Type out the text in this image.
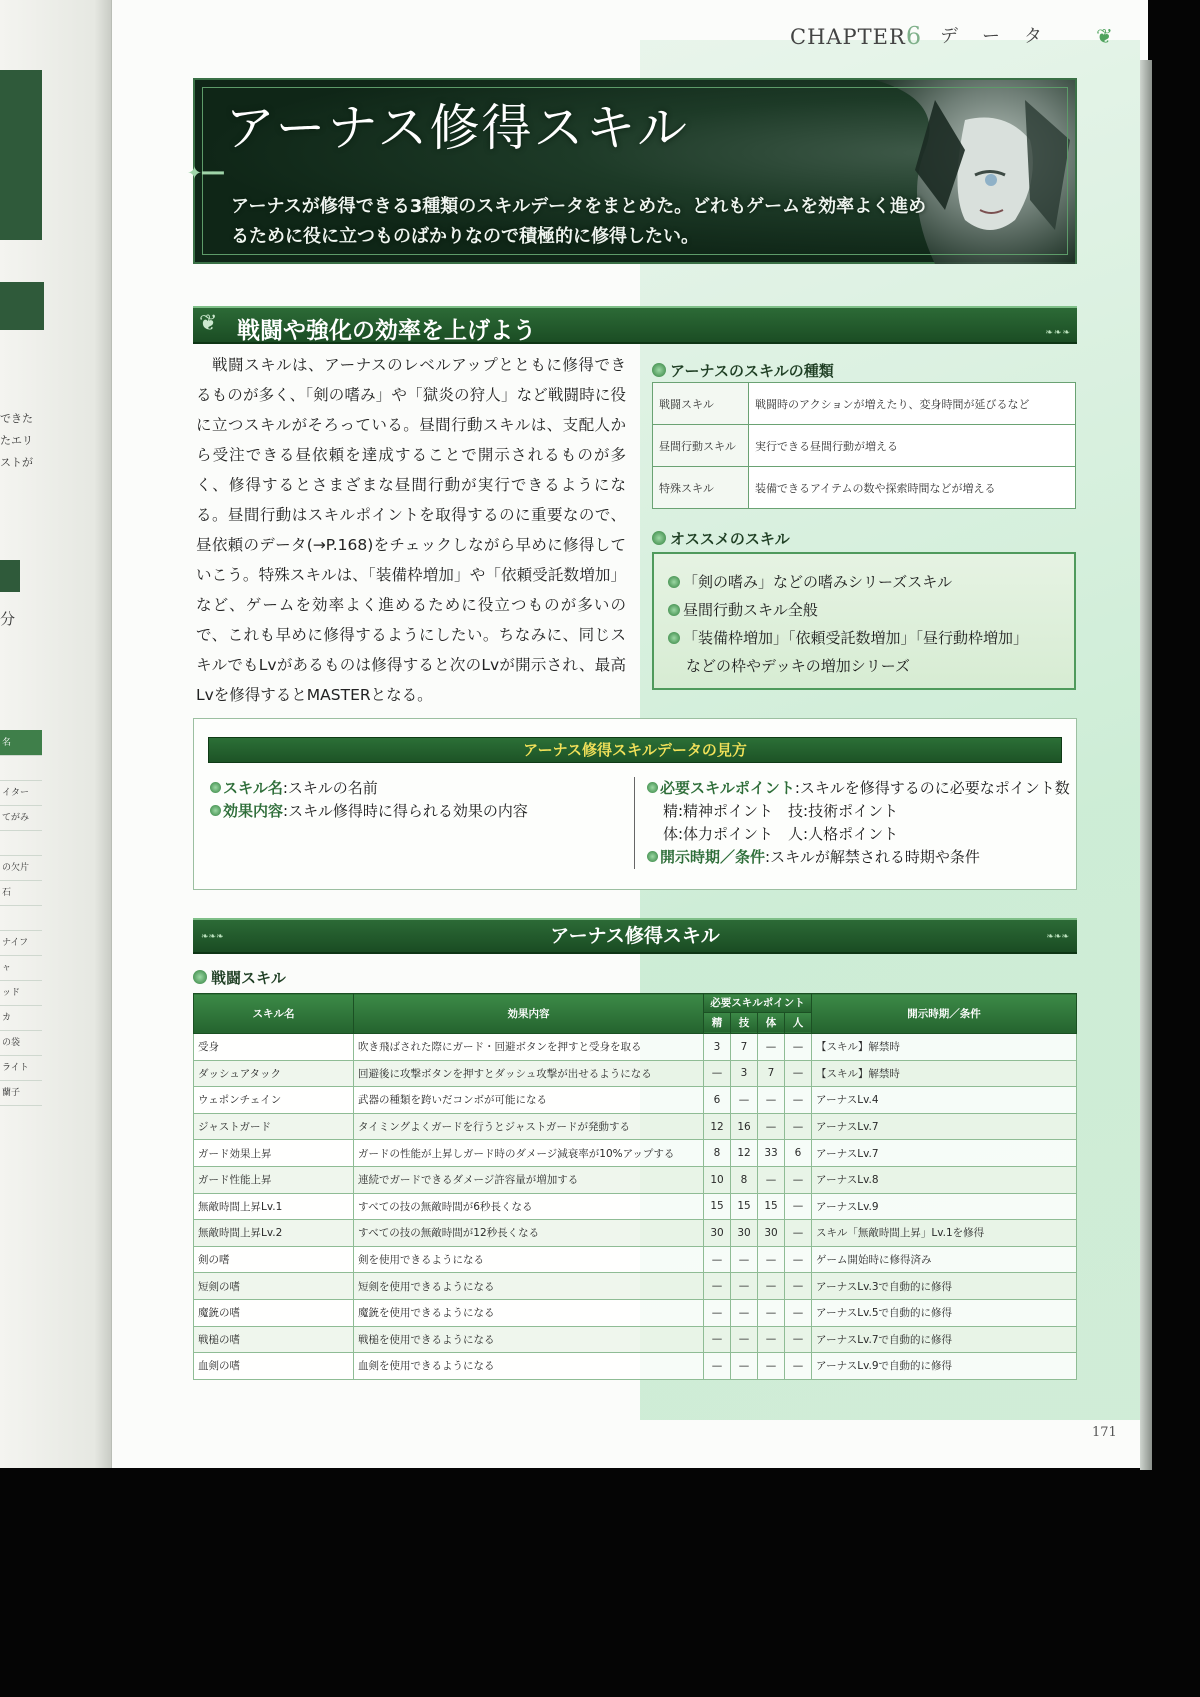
できた
たエリ
ストが
分
名
イター
てがみ
の欠片
石
ナイフ
ャ
ッド
カ
の袋
ライト
蘭子
CHAPTER6 データ ❦
✦━━
アーナス修得スキル
アーナスが修得できる3種類のスキルデータをまとめた。どれもゲームを効率よく進めるために役に立つものばかりなので積極的に修得したい。
❦ 戦闘や強化の効率を上げよう	❧❧❧
　戦闘スキルは、アーナスのレベルアップとともに修得できるものが多く、「剣の嗜み」や「獄炎の狩人」など戦闘時に役に立つスキルがそろっている。昼間行動スキルは、支配人から受注できる昼依頼を達成することで開示されるものが多く、修得するとさまざまな昼間行動が実行できるようになる。昼間行動はスキルポイントを取得するのに重要なので、昼依頼のデータ(→P.168)をチェックしながら早めに修得していこう。特殊スキルは、「装備枠増加」や「依頼受託数増加」など、ゲームを効率よく進めるために役立つものが多いので、これも早めに修得するようにしたい。ちなみに、同じスキルでもLvがあるものは修得すると次のLvが開示され、最高Lvを修得するとMASTERとなる。
アーナスのスキルの種類
戦闘スキル	戦闘時のアクションが増えたり、変身時間が延びるなど
昼間行動スキル	実行できる昼間行動が増える
特殊スキル	装備できるアイテムの数や探索時間などが増える
オススメのスキル
「剣の嗜み」などの嗜みシリーズスキル
昼間行動スキル全般
「装備枠増加」「依頼受託数増加」「昼行動枠増加」
などの枠やデッキの増加シリーズ
アーナス修得スキルデータの見方
スキル名:スキルの名前
効果内容:スキル修得時に得られる効果の内容
必要スキルポイント:スキルを修得するのに必要なポイント数
精:精神ポイント　技:技術ポイント
体:体力ポイント　人:人格ポイント
開示時期／条件:スキルが解禁される時期や条件
❧❧❧	アーナス修得スキル	❧❧❧
戦闘スキル
スキル名	効果内容	必要スキルポイント				開示時期／条件
		精	技	体	人	
受身	吹き飛ばされた際にガード・回避ボタンを押すと受身を取る	3	7	—	—	【スキル】解禁時
ダッシュアタック	回避後に攻撃ボタンを押すとダッシュ攻撃が出せるようになる	—	3	7	—	【スキル】解禁時
ウェポンチェイン	武器の種類を跨いだコンボが可能になる	6	—	—	—	アーナスLv.4
ジャストガード	タイミングよくガードを行うとジャストガードが発動する	12	16	—	—	アーナスLv.7
ガード効果上昇	ガードの性能が上昇しガード時のダメージ減衰率が10%アップする	8	12	33	6	アーナスLv.7
ガード性能上昇	連続でガードできるダメージ許容量が増加する	10	8	—	—	アーナスLv.8
無敵時間上昇Lv.1	すべての技の無敵時間が6秒長くなる	15	15	15	—	アーナスLv.9
無敵時間上昇Lv.2	すべての技の無敵時間が12秒長くなる	30	30	30	—	スキル「無敵時間上昇」Lv.1を修得
剣の嗜	剣を使用できるようになる	—	—	—	—	ゲーム開始時に修得済み
短剣の嗜	短剣を使用できるようになる	—	—	—	—	アーナスLv.3で自動的に修得
魔銃の嗜	魔銃を使用できるようになる	—	—	—	—	アーナスLv.5で自動的に修得
戦槌の嗜	戦槌を使用できるようになる	—	—	—	—	アーナスLv.7で自動的に修得
血剣の嗜	血剣を使用できるようになる	—	—	—	—	アーナスLv.9で自動的に修得
171
